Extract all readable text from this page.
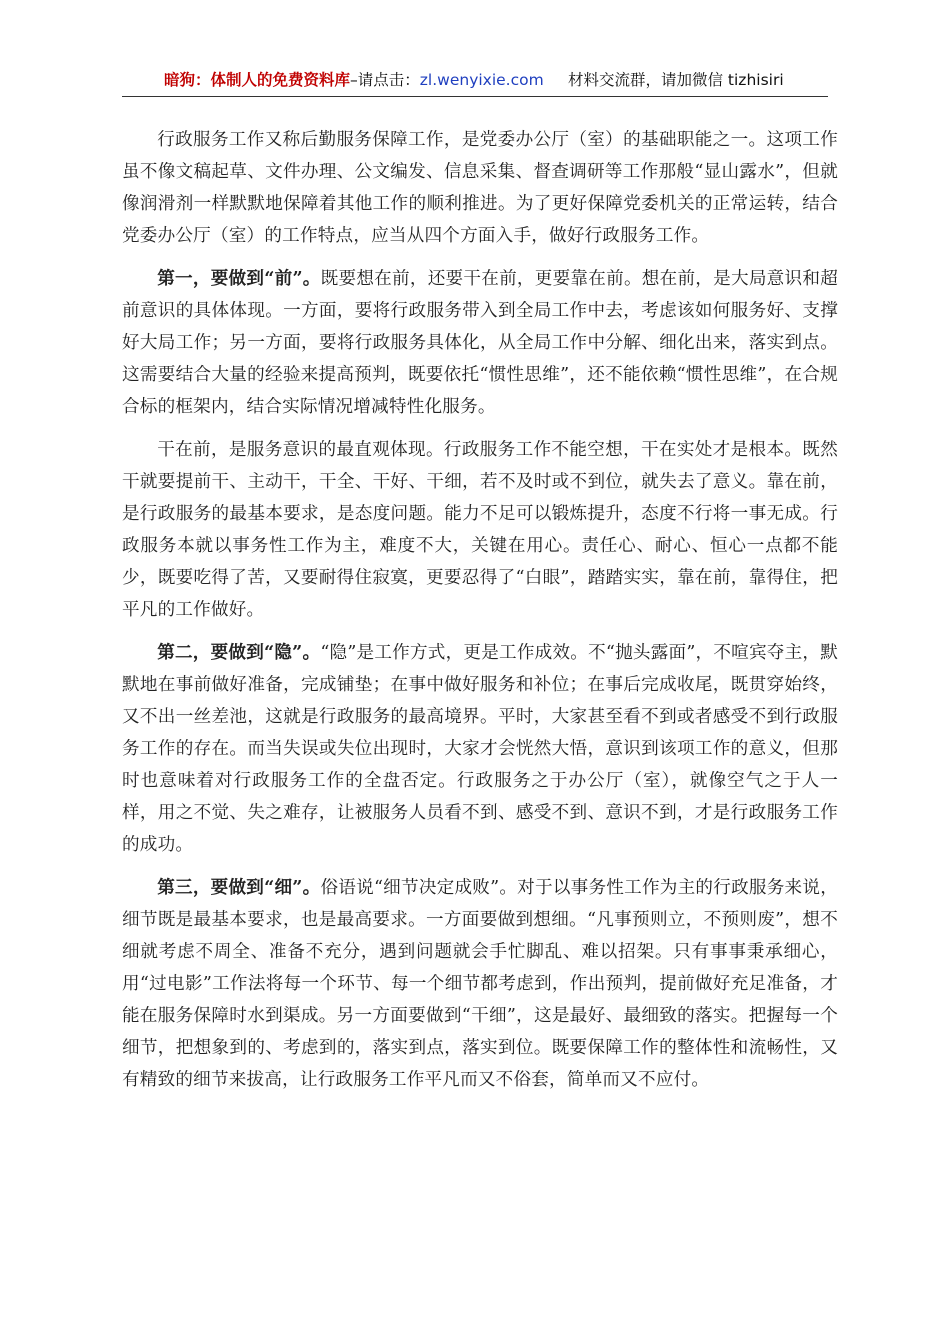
暗狗：体制人的免费资料库–请点击：zl.wenyixie.com 材料交流群，请加微信 tizhisiri

行政服务工作又称后勤服务保障工作，是党委办公厅（室）的基础职能之一。这项工作虽不像文稿起草、文件办理、公文编发、信息采集、督查调研等工作那般“显山露水”，但就像润滑剂一样默默地保障着其他工作的顺利推进。为了更好保障党委机关的正常运转，结合党委办公厅（室）的工作特点，应当从四个方面入手，做好行政服务工作。

第一，要做到“前”。既要想在前，还要干在前，更要靠在前。想在前，是大局意识和超前意识的具体体现。一方面，要将行政服务带入到全局工作中去，考虑该如何服务好、支撑好大局工作；另一方面，要将行政服务具体化，从全局工作中分解、细化出来，落实到点。这需要结合大量的经验来提高预判，既要依托“惯性思维”，还不能依赖“惯性思维”，在合规合标的框架内，结合实际情况增减特性化服务。

干在前，是服务意识的最直观体现。行政服务工作不能空想，干在实处才是根本。既然干就要提前干、主动干，干全、干好、干细，若不及时或不到位，就失去了意义。靠在前，是行政服务的最基本要求，是态度问题。能力不足可以锻炼提升，态度不行将一事无成。行政服务本就以事务性工作为主，难度不大，关键在用心。责任心、耐心、恒心一点都不能少，既要吃得了苦，又要耐得住寂寞，更要忍得了“白眼”，踏踏实实，靠在前，靠得住，把平凡的工作做好。

第二，要做到“隐”。“隐”是工作方式，更是工作成效。不“抛头露面”，不喧宾夺主，默默地在事前做好准备，完成铺垫；在事中做好服务和补位；在事后完成收尾，既贯穿始终，又不出一丝差池，这就是行政服务的最高境界。平时，大家甚至看不到或者感受不到行政服务工作的存在。而当失误或失位出现时，大家才会恍然大悟，意识到该项工作的意义，但那时也意味着对行政服务工作的全盘否定。行政服务之于办公厅（室），就像空气之于人一样，用之不觉、失之难存，让被服务人员看不到、感受不到、意识不到，才是行政服务工作的成功。

第三，要做到“细”。俗语说“细节决定成败”。对于以事务性工作为主的行政服务来说，细节既是最基本要求，也是最高要求。一方面要做到想细。“凡事预则立，不预则废”，想不细就考虑不周全、准备不充分，遇到问题就会手忙脚乱、难以招架。只有事事秉承细心，用“过电影”工作法将每一个环节、每一个细节都考虑到，作出预判，提前做好充足准备，才能在服务保障时水到渠成。另一方面要做到“干细”，这是最好、最细致的落实。把握每一个细节，把想象到的、考虑到的，落实到点，落实到位。既要保障工作的整体性和流畅性，又有精致的细节来拔高，让行政服务工作平凡而又不俗套，简单而又不应付。
